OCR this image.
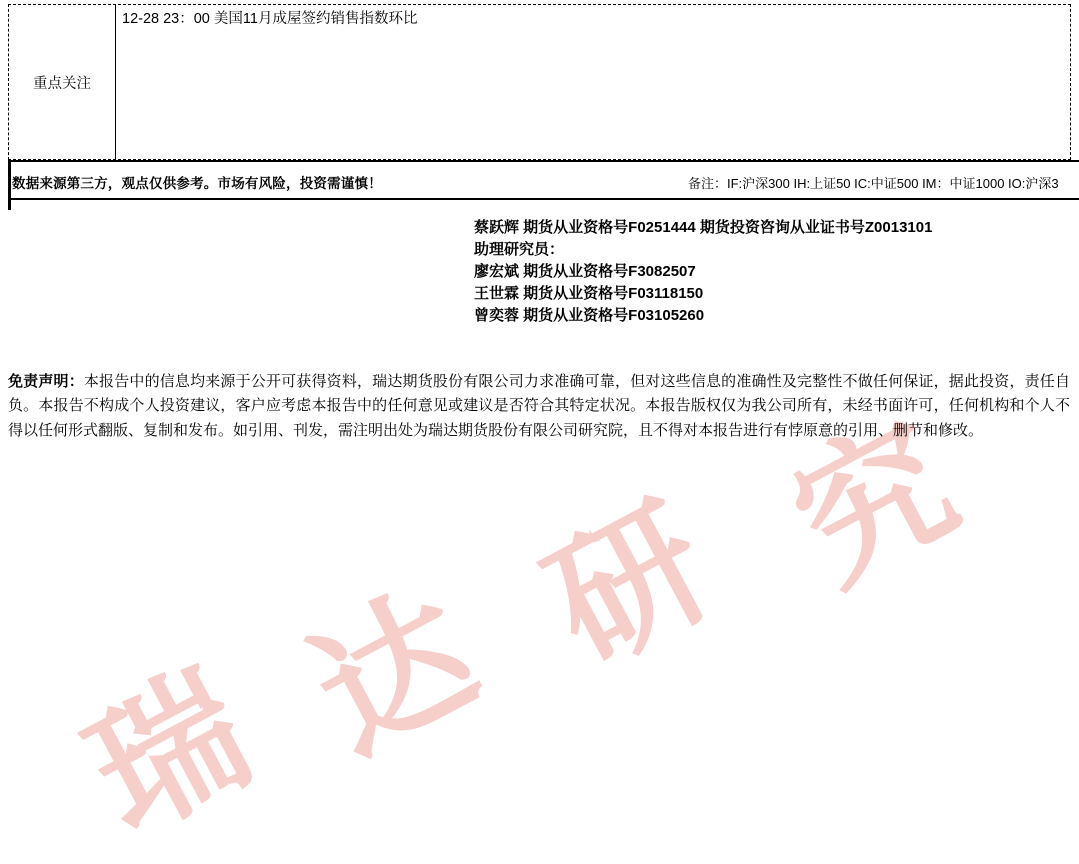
瑞 达 研 究
重点关注
12-28 23：00 美国11月成屋签约销售指数环比
数据来源第三方，观点仅供参考。市场有风险，投资需谨慎！	备注：IF:沪深300 IH:上证50 IC:中证500 IM：中证1000 IO:沪深3
蔡跃辉 期货从业资格号F0251444 期货投资咨询从业证书号Z0013101
助理研究员：
廖宏斌 期货从业资格号F3082507
王世霖 期货从业资格号F03118150
曾奕蓉 期货从业资格号F03105260
免责声明：本报告中的信息均来源于公开可获得资料，瑞达期货股份有限公司力求准确可靠，但对这些信息的准确性及完整性不做任何保证，据此投资，责任自负。本报告不构成个人投资建议，客户应考虑本报告中的任何意见或建议是否符合其特定状况。本报告版权仅为我公司所有，未经书面许可，任何机构和个人不得以任何形式翻版、复制和发布。如引用、刊发，需注明出处为瑞达期货股份有限公司研究院，且不得对本报告进行有悖原意的引用、删节和修改。
